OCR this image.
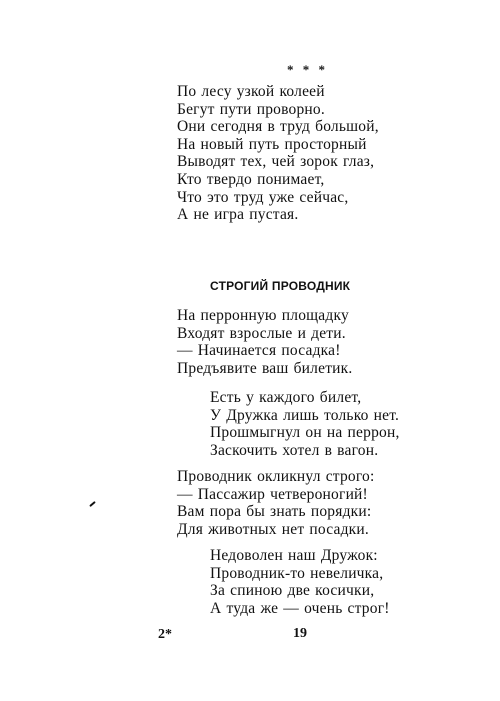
* * *
По лесу узкой колеей
Бегут пути проворно.
Они сегодня в труд большой,
На новый путь просторный
Выводят тех, чей зорок глаз,
Кто твердо понимает,
Что это труд уже сейчас,
А не игра пустая.
СТРОГИЙ ПРОВОДНИК
На перронную площадку
Входят взрослые и дети.
— Начинается посадка!
Предъявите ваш билетик.
Есть у каждого билет,
У Дружка лишь только нет.
Прошмыгнул он на перрон,
Заскочить хотел в вагон.
Проводник окликнул строго:
— Пассажир четвероногий!
Вам пора бы знать порядки:
Для животных нет посадки.
Недоволен наш Дружок:
Проводник-то невеличка,
За спиною две косички,
А туда же — очень строг!
2*	19
